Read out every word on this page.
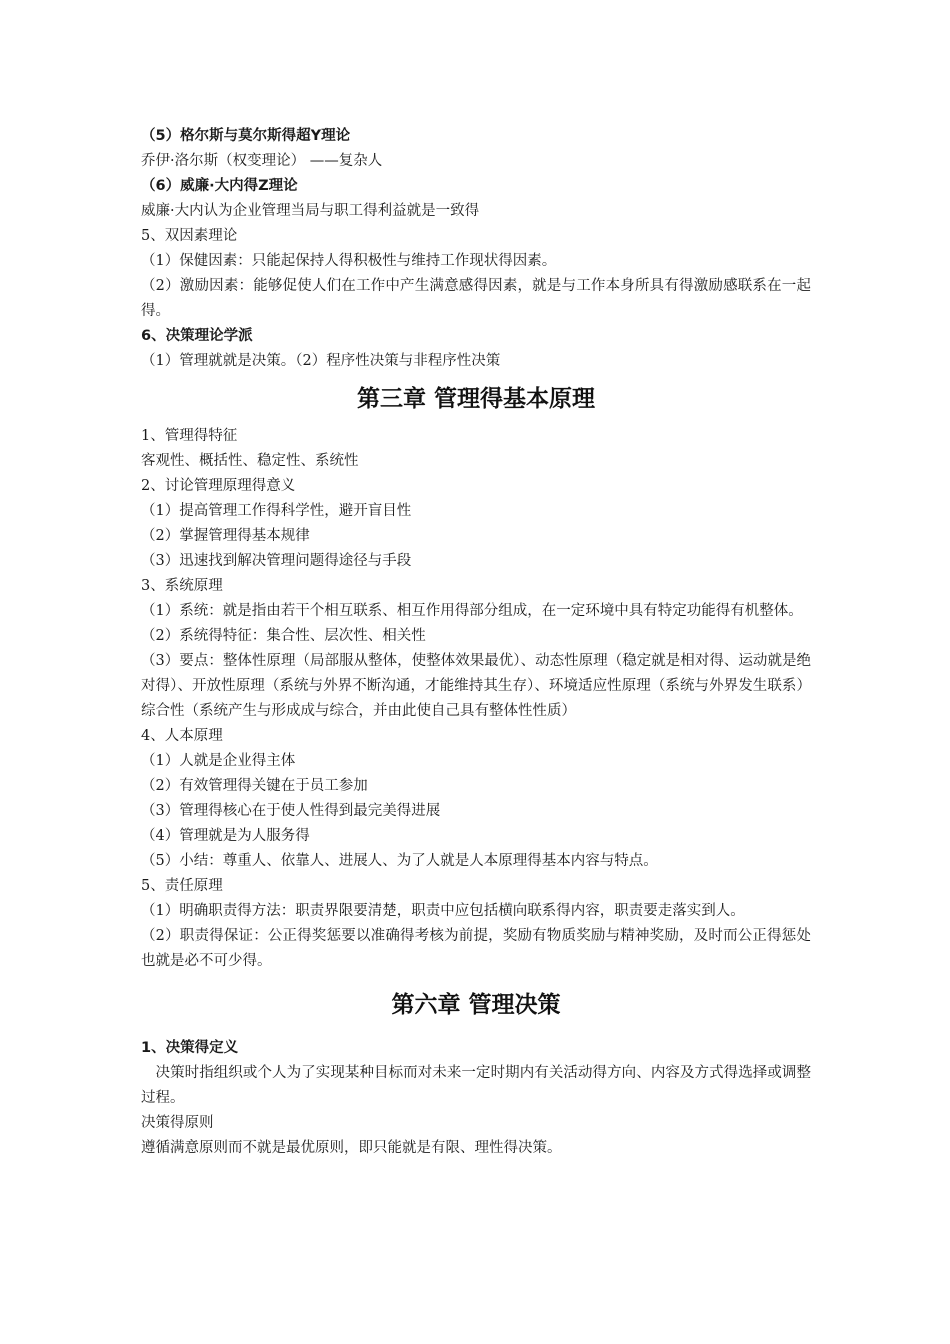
（5）格尔斯与莫尔斯得超Y理论

乔伊·洛尔斯（权变理论） ——复杂人

（6）威廉·大内得Z理论

威廉·大内认为企业管理当局与职工得利益就是一致得

5、双因素理论

（1）保健因素：只能起保持人得积极性与维持工作现状得因素。

（2）激励因素：能够促使人们在工作中产生满意感得因素，就是与工作本身所具有得激励感联系在一起得。

6、决策理论学派

（1）管理就就是决策。（2）程序性决策与非程序性决策

第三章 管理得基本原理

1、管理得特征

客观性、概括性、稳定性、系统性

2、讨论管理原理得意义

（1）提高管理工作得科学性，避开盲目性

（2）掌握管理得基本规律

（3）迅速找到解决管理问题得途径与手段

3、系统原理

（1）系统：就是指由若干个相互联系、相互作用得部分组成，在一定环境中具有特定功能得有机整体。

（2）系统得特征：集合性、层次性、相关性

（3）要点：整体性原理（局部服从整体，使整体效果最优）、动态性原理（稳定就是相对得、运动就是绝对得）、开放性原理（系统与外界不断沟通，才能维持其生存）、环境适应性原理（系统与外界发生联系）综合性（系统产生与形成成与综合，并由此使自己具有整体性性质）

4、人本原理

（1）人就是企业得主体

（2）有效管理得关键在于员工参加

（3）管理得核心在于使人性得到最完美得进展

（4）管理就是为人服务得

（5）小结：尊重人、依靠人、进展人、为了人就是人本原理得基本内容与特点。

5、责任原理

（1）明确职责得方法：职责界限要清楚，职责中应包括横向联系得内容，职责要走落实到人。

（2）职责得保证：公正得奖惩要以准确得考核为前提，奖励有物质奖励与精神奖励，及时而公正得惩处也就是必不可少得。

第六章 管理决策

1、决策得定义

决策时指组织或个人为了实现某种目标而对未来一定时期内有关活动得方向、内容及方式得选择或调整过程。

决策得原则

遵循满意原则而不就是最优原则，即只能就是有限、理性得决策。
